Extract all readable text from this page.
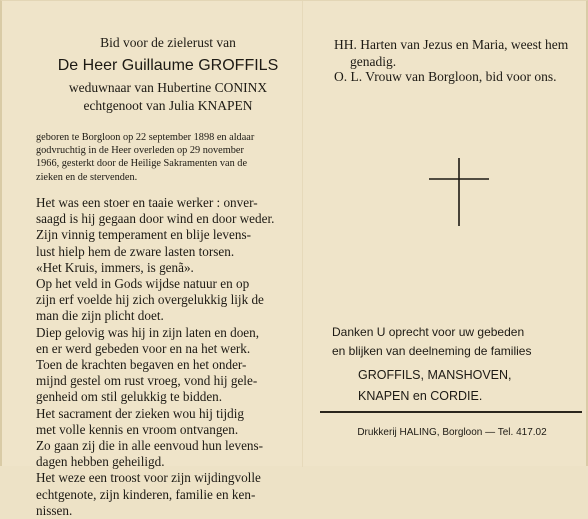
Bid voor de zielerust van
De Heer Guillaume GROFFILS
weduwnaar van Hubertine CONINX
echtgenoot van Julia KNAPEN

geboren te Borgloon op 22 september 1898 en aldaar

godvruchtig in de Heer overleden op 29 november

1966, gesterkt door de Heilige Sakramenten van de

zieken en de stervenden.

Het was een stoer en taaie werker : onver-

saagd is hij gegaan door wind en door weder.

Zijn vinnig temperament en blije levens-

lust hielp hem de zware lasten torsen.

«Het Kruis, immers, is genã».

Op het veld in Gods wijdse natuur en op

zijn erf voelde hij zich overgelukkig lijk de

man die zijn plicht doet.

Diep gelovig was hij in zijn laten en doen,

en er werd gebeden voor en na het werk.

Toen de krachten begaven en het onder-

mijnd gestel om rust vroeg, vond hij gele-

genheid om stil gelukkig te bidden.

Het sacrament der zieken wou hij tijdig

met volle kennis en vroom ontvangen.

Zo gaan zij die in alle eenvoud hun levens-

dagen hebben geheiligd.

Het weze een troost voor zijn wijdingvolle

echtgenote, zijn kinderen, familie en ken-

nissen.

HH. Harten van Jezus en Maria, weest hem
genadig.
O. L. Vrouw van Borgloon, bid voor ons.
Danken U oprecht voor uw gebeden
en blijken van deelneming de families
GROFFILS, MANSHOVEN,
KNAPEN en CORDIE.
Drukkerij HALING, Borgloon — Tel. 417.02
